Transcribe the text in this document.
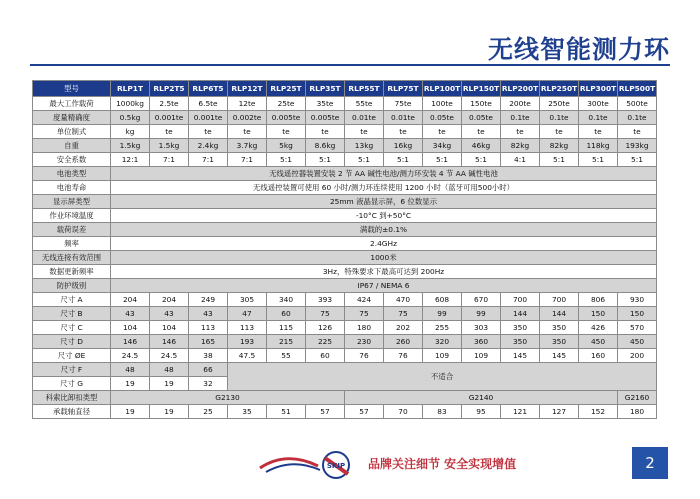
无线智能测力环
型号	RLP1T	RLP2T5	RLP6T5	RLP12T	RLP25T	RLP35T	RLP55T	RLP75T	RLP100T	RLP150T	RLP200T	RLP250T	RLP300T	RLP500T
最大工作载荷	1000kg	2.5te	6.5te	12te	25te	35te	55te	75te	100te	150te	200te	250te	300te	500te
度量精确度	0.5kg	0.001te	0.001te	0.002te	0.005te	0.005te	0.01te	0.01te	0.05te	0.05te	0.1te	0.1te	0.1te	0.1te
单位制式	kg	te	te	te	te	te	te	te	te	te	te	te	te	te
自重	1.5kg	1.5kg	2.4kg	3.7kg	5kg	8.6kg	13kg	16kg	34kg	46kg	82kg	82kg	118kg	193kg
安全系数	12:1	7:1	7:1	7:1	5:1	5:1	5:1	5:1	5:1	5:1	4:1	5:1	5:1	5:1
电池类型	无线遥控器装置安装 2 节 AA 碱性电池/测力环安装 4 节 AA 碱性电池													
电池寿命	无线遥控装置可使用 60 小时/测力环连续使用 1200 小时（蓝牙可用500小时）													
显示屏类型	25mm 液晶显示屏，6 位数显示													
作业环境温度	-10°C 到+50°C													
载荷误差	满载的±0.1%													
频率	2.4GHz													
无线连接有效范围	1000米													
数据更新频率	3Hz，特殊要求下最高可达到 200Hz													
防护级别	IP67 / NEMA 6													
尺寸 A	204	204	249	305	340	393	424	470	608	670	700	700	806	930
尺寸 B	43	43	43	47	60	75	75	75	99	99	144	144	150	150
尺寸 C	104	104	113	113	115	126	180	202	255	303	350	350	426	570
尺寸 D	146	146	165	193	215	225	230	260	320	360	350	350	450	450
尺寸 ØE	24.5	24.5	38	47.5	55	60	76	76	109	109	145	145	160	200
尺寸 F	48	48	66	不适合										
尺寸 G	19	19	32											
科索比卸扣类型	G2130						G2140							G2160
承载轴直径	19	19	25	35	51	57	57	70	83	95	121	127	152	180
SKIP 品牌关注细节 安全实现增值	2
